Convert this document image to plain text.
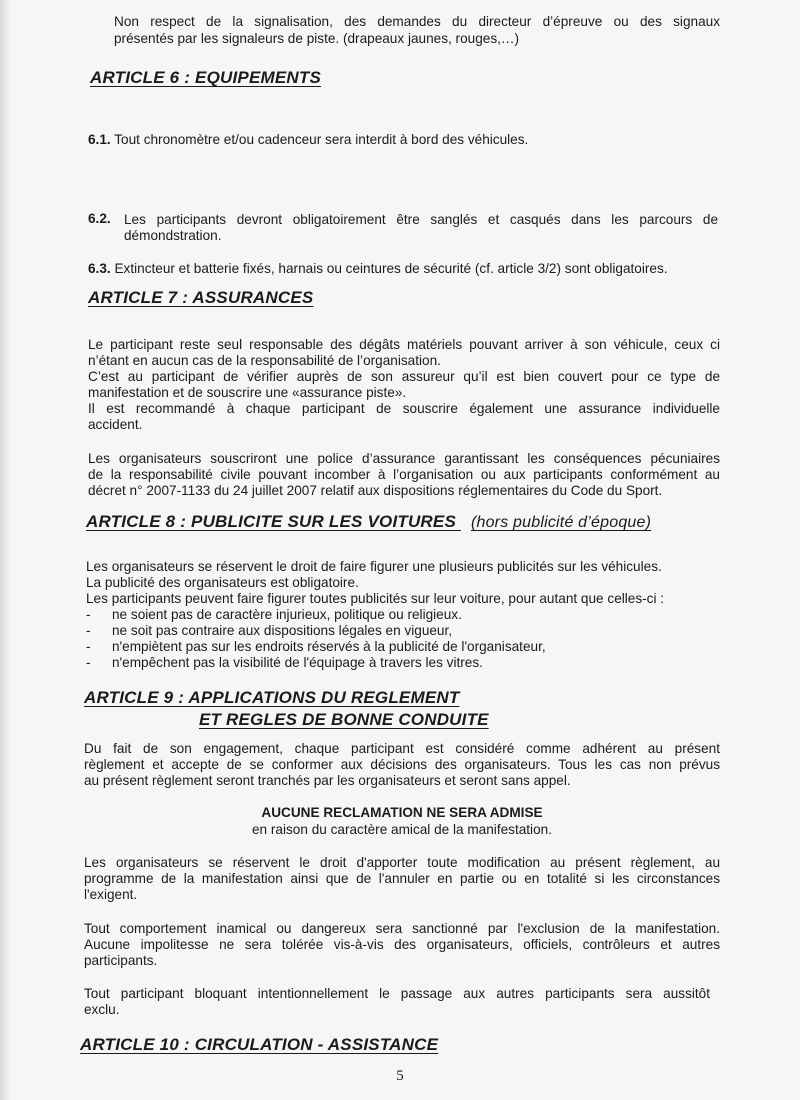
Non respect de la signalisation, des demandes du directeur d’épreuve ou des signaux

présentés par les signaleurs de piste. (drapeaux jaunes, rouges,…)

ARTICLE 6 : EQUIPEMENTS

6.1. Tout chronomètre et/ou cadenceur sera interdit à bord des véhicules.

6.2. Les participants devront obligatoirement être sanglés et casqués dans les parcours de

démondstration.

6.3. Extincteur et batterie fixés, harnais ou ceintures de sécurité (cf. article 3/2) sont obligatoires.

ARTICLE 7 : ASSURANCES

Le participant reste seul responsable des dégâts matériels pouvant arriver à son véhicule, ceux ci

n’étant en aucun cas de la responsabilité de l’organisation.

C’est au participant de vérifier auprès de son assureur qu’il est bien couvert pour ce type de

manifestation et de souscrire une «assurance piste».

Il est recommandé à chaque participant de souscrire également une assurance individuelle

accident.

Les organisateurs souscriront une police d’assurance garantissant les conséquences pécuniaires

de la responsabilité civile pouvant incomber à l’organisation ou aux participants conformément au

décret n° 2007-1133 du 24 juillet 2007 relatif aux dispositions réglementaires du Code du Sport.

ARTICLE 8 : PUBLICITE SUR LES VOITURES (hors publicité d’époque)

Les organisateurs se réservent le droit de faire figurer une plusieurs publicités sur les véhicules.

La publicité des organisateurs est obligatoire.

Les participants peuvent faire figurer toutes publicités sur leur voiture, pour autant que celles-ci :

- ne soient pas de caractère injurieux, politique ou religieux.

- ne soit pas contraire aux dispositions légales en vigueur,

- n'empiètent pas sur les endroits réservés à la publicité de l'organisateur,

- n'empêchent pas la visibilité de l'équipage à travers les vitres.

ARTICLE 9 : APPLICATIONS DU REGLEMENT
ET REGLES DE BONNE CONDUITE

Du fait de son engagement, chaque participant est considéré comme adhérent au présent

règlement et accepte de se conformer aux décisions des organisateurs. Tous les cas non prévus

au présent règlement seront tranchés par les organisateurs et seront sans appel.

AUCUNE RECLAMATION NE SERA ADMISE

en raison du caractère amical de la manifestation.

Les organisateurs se réservent le droit d'apporter toute modification au présent règlement, au

programme de la manifestation ainsi que de l'annuler en partie ou en totalité si les circonstances

l'exigent.

Tout comportement inamical ou dangereux sera sanctionné par l'exclusion de la manifestation.

Aucune impolitesse ne sera tolérée vis-à-vis des organisateurs, officiels, contrôleurs et autres

participants.

Tout participant bloquant intentionnellement le passage aux autres participants sera aussitôt

exclu.

ARTICLE 10 : CIRCULATION - ASSISTANCE
5
